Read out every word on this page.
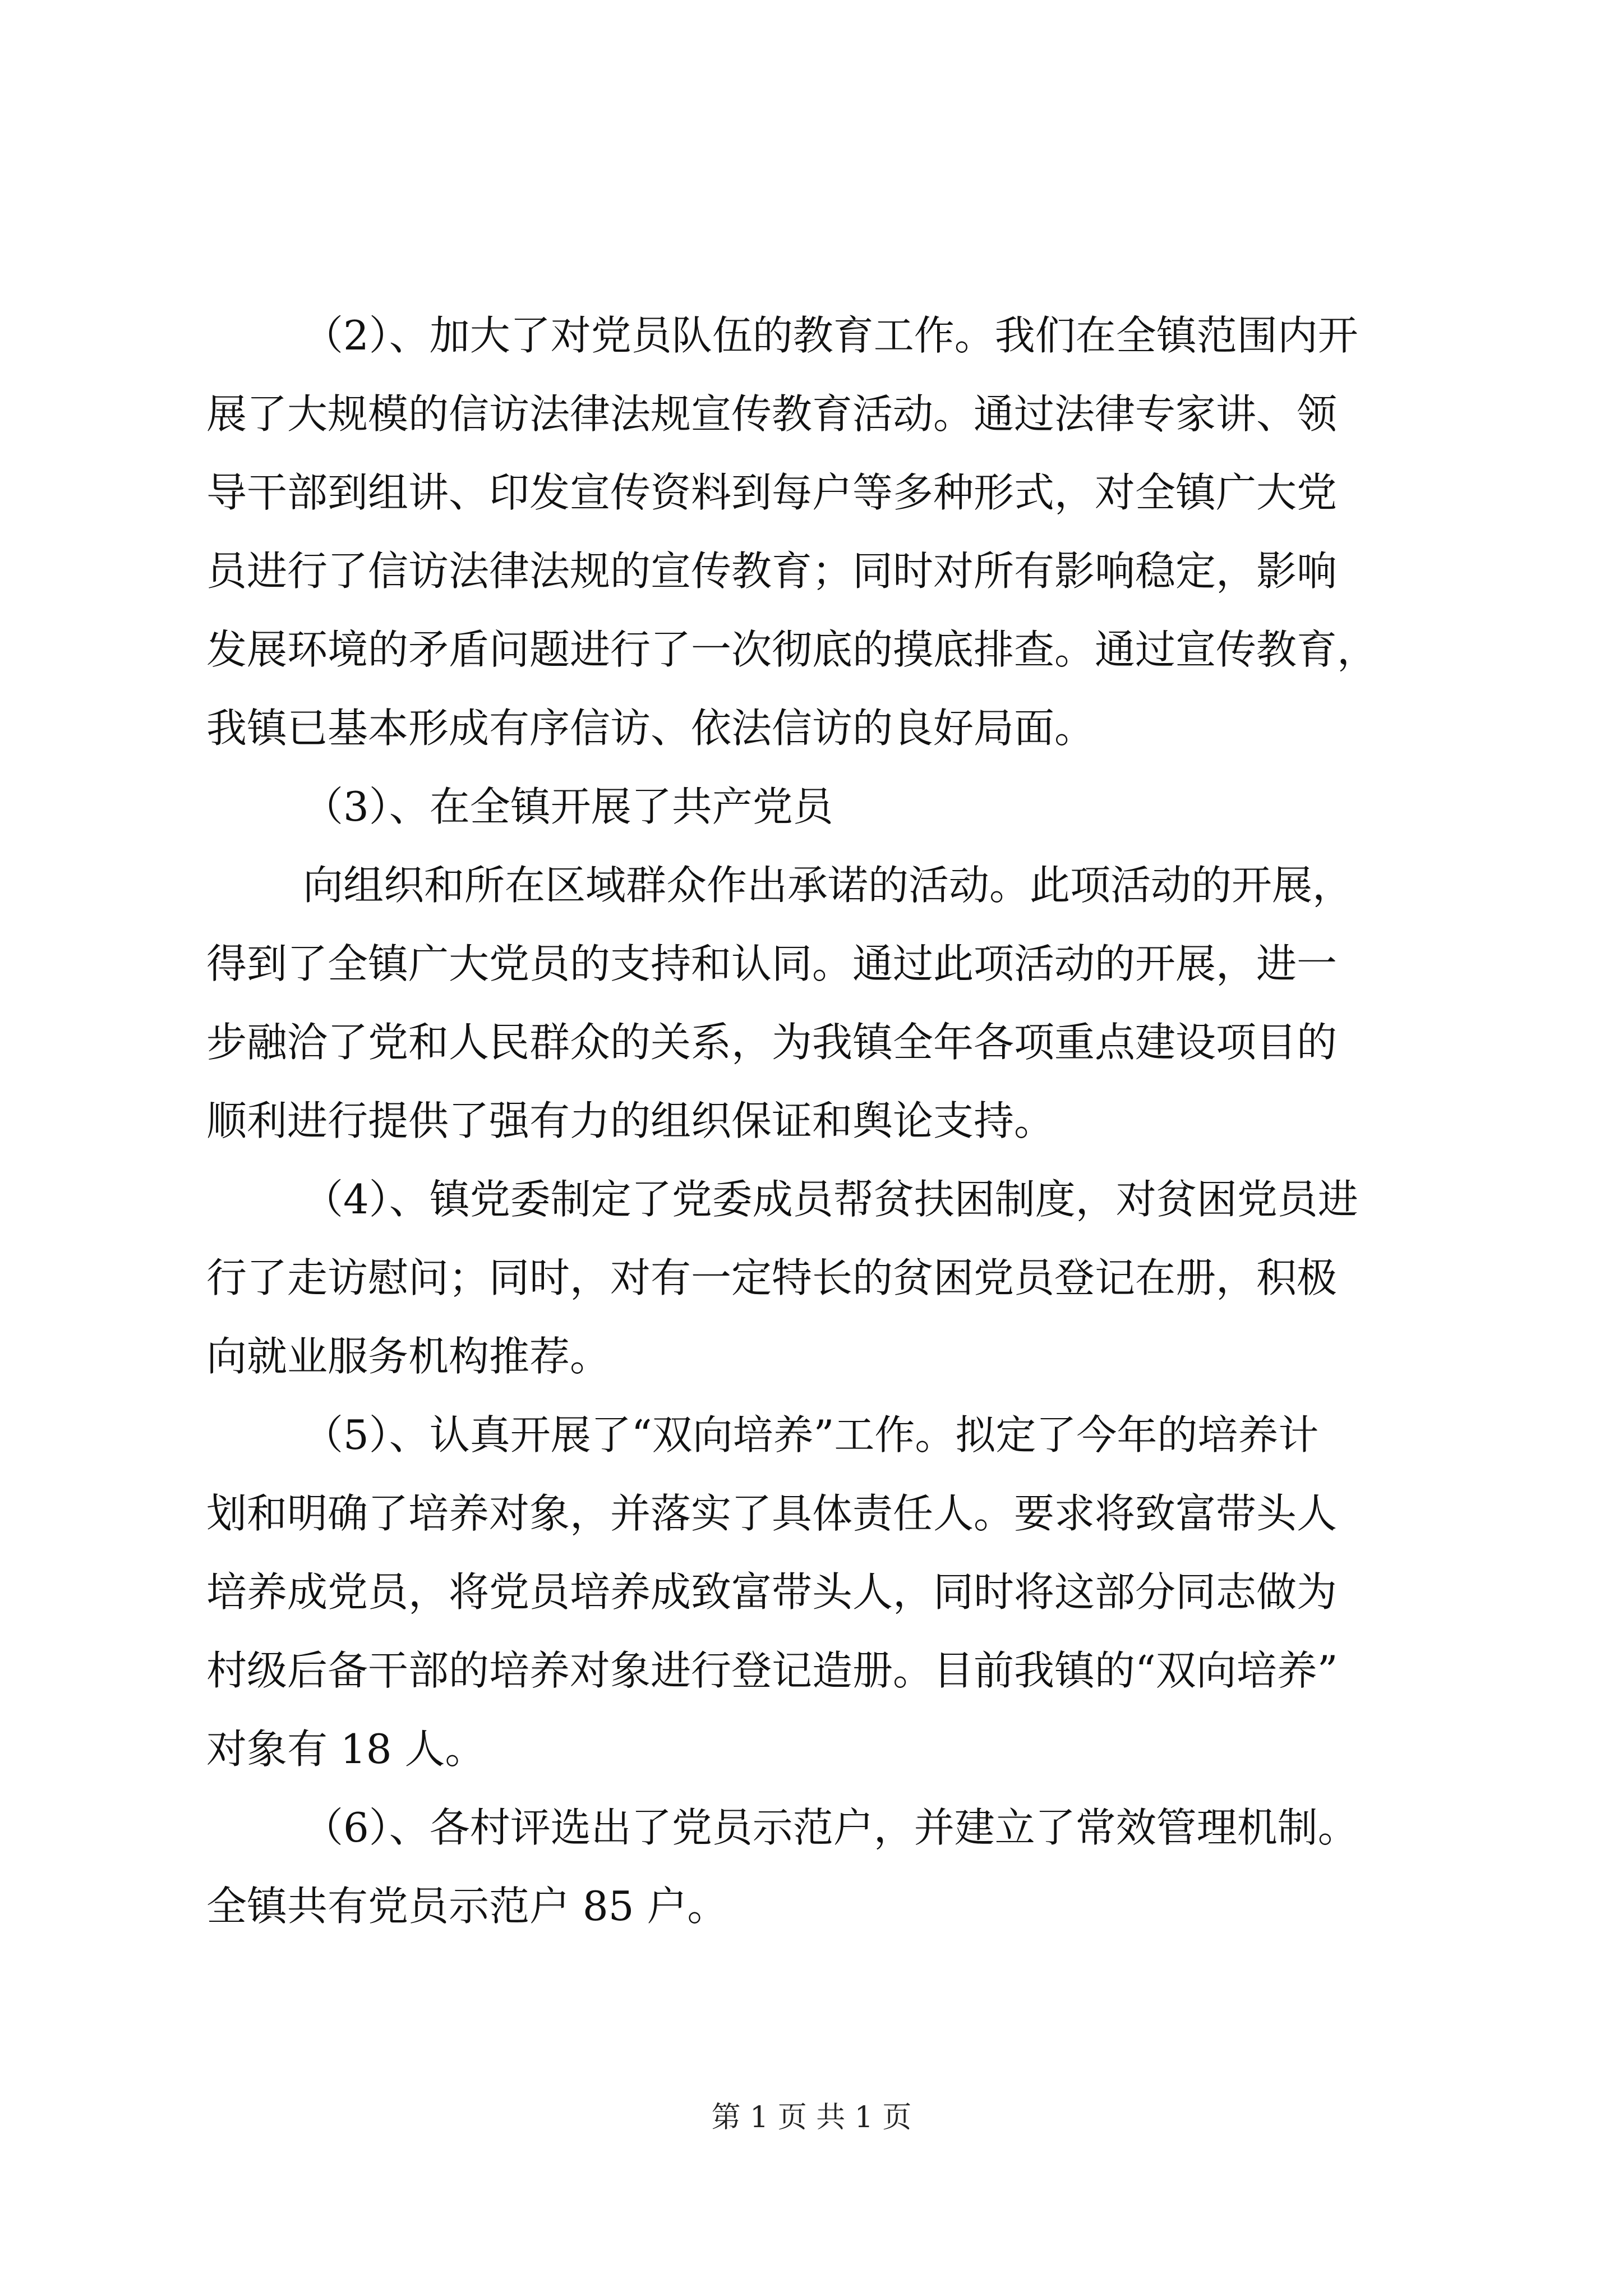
（2）、加大了对党员队伍的教育工作。我们在全镇范围内开
展了大规模的信访法律法规宣传教育活动。通过法律专家讲、领
导干部到组讲、印发宣传资料到每户等多种形式，对全镇广大党
员进行了信访法律法规的宣传教育；同时对所有影响稳定，影响
发展环境的矛盾问题进行了一次彻底的摸底排查。通过宣传教育，
我镇已基本形成有序信访、依法信访的良好局面。
（3）、在全镇开展了共产党员
向组织和所在区域群众作出承诺的活动。此项活动的开展，
得到了全镇广大党员的支持和认同。通过此项活动的开展，进一
步融洽了党和人民群众的关系，为我镇全年各项重点建设项目的
顺利进行提供了强有力的组织保证和舆论支持。
（4）、镇党委制定了党委成员帮贫扶困制度，对贫困党员进
行了走访慰问；同时，对有一定特长的贫困党员登记在册，积极
向就业服务机构推荐。
（5）、认真开展了“双向培养”工作。拟定了今年的培养计
划和明确了培养对象，并落实了具体责任人。要求将致富带头人
培养成党员，将党员培养成致富带头人，同时将这部分同志做为
村级后备干部的培养对象进行登记造册。目前我镇的“双向培养”
对象有 18 人。
（6）、各村评选出了党员示范户，并建立了常效管理机制。
全镇共有党员示范户 85 户。
第 1 页 共 1 页
